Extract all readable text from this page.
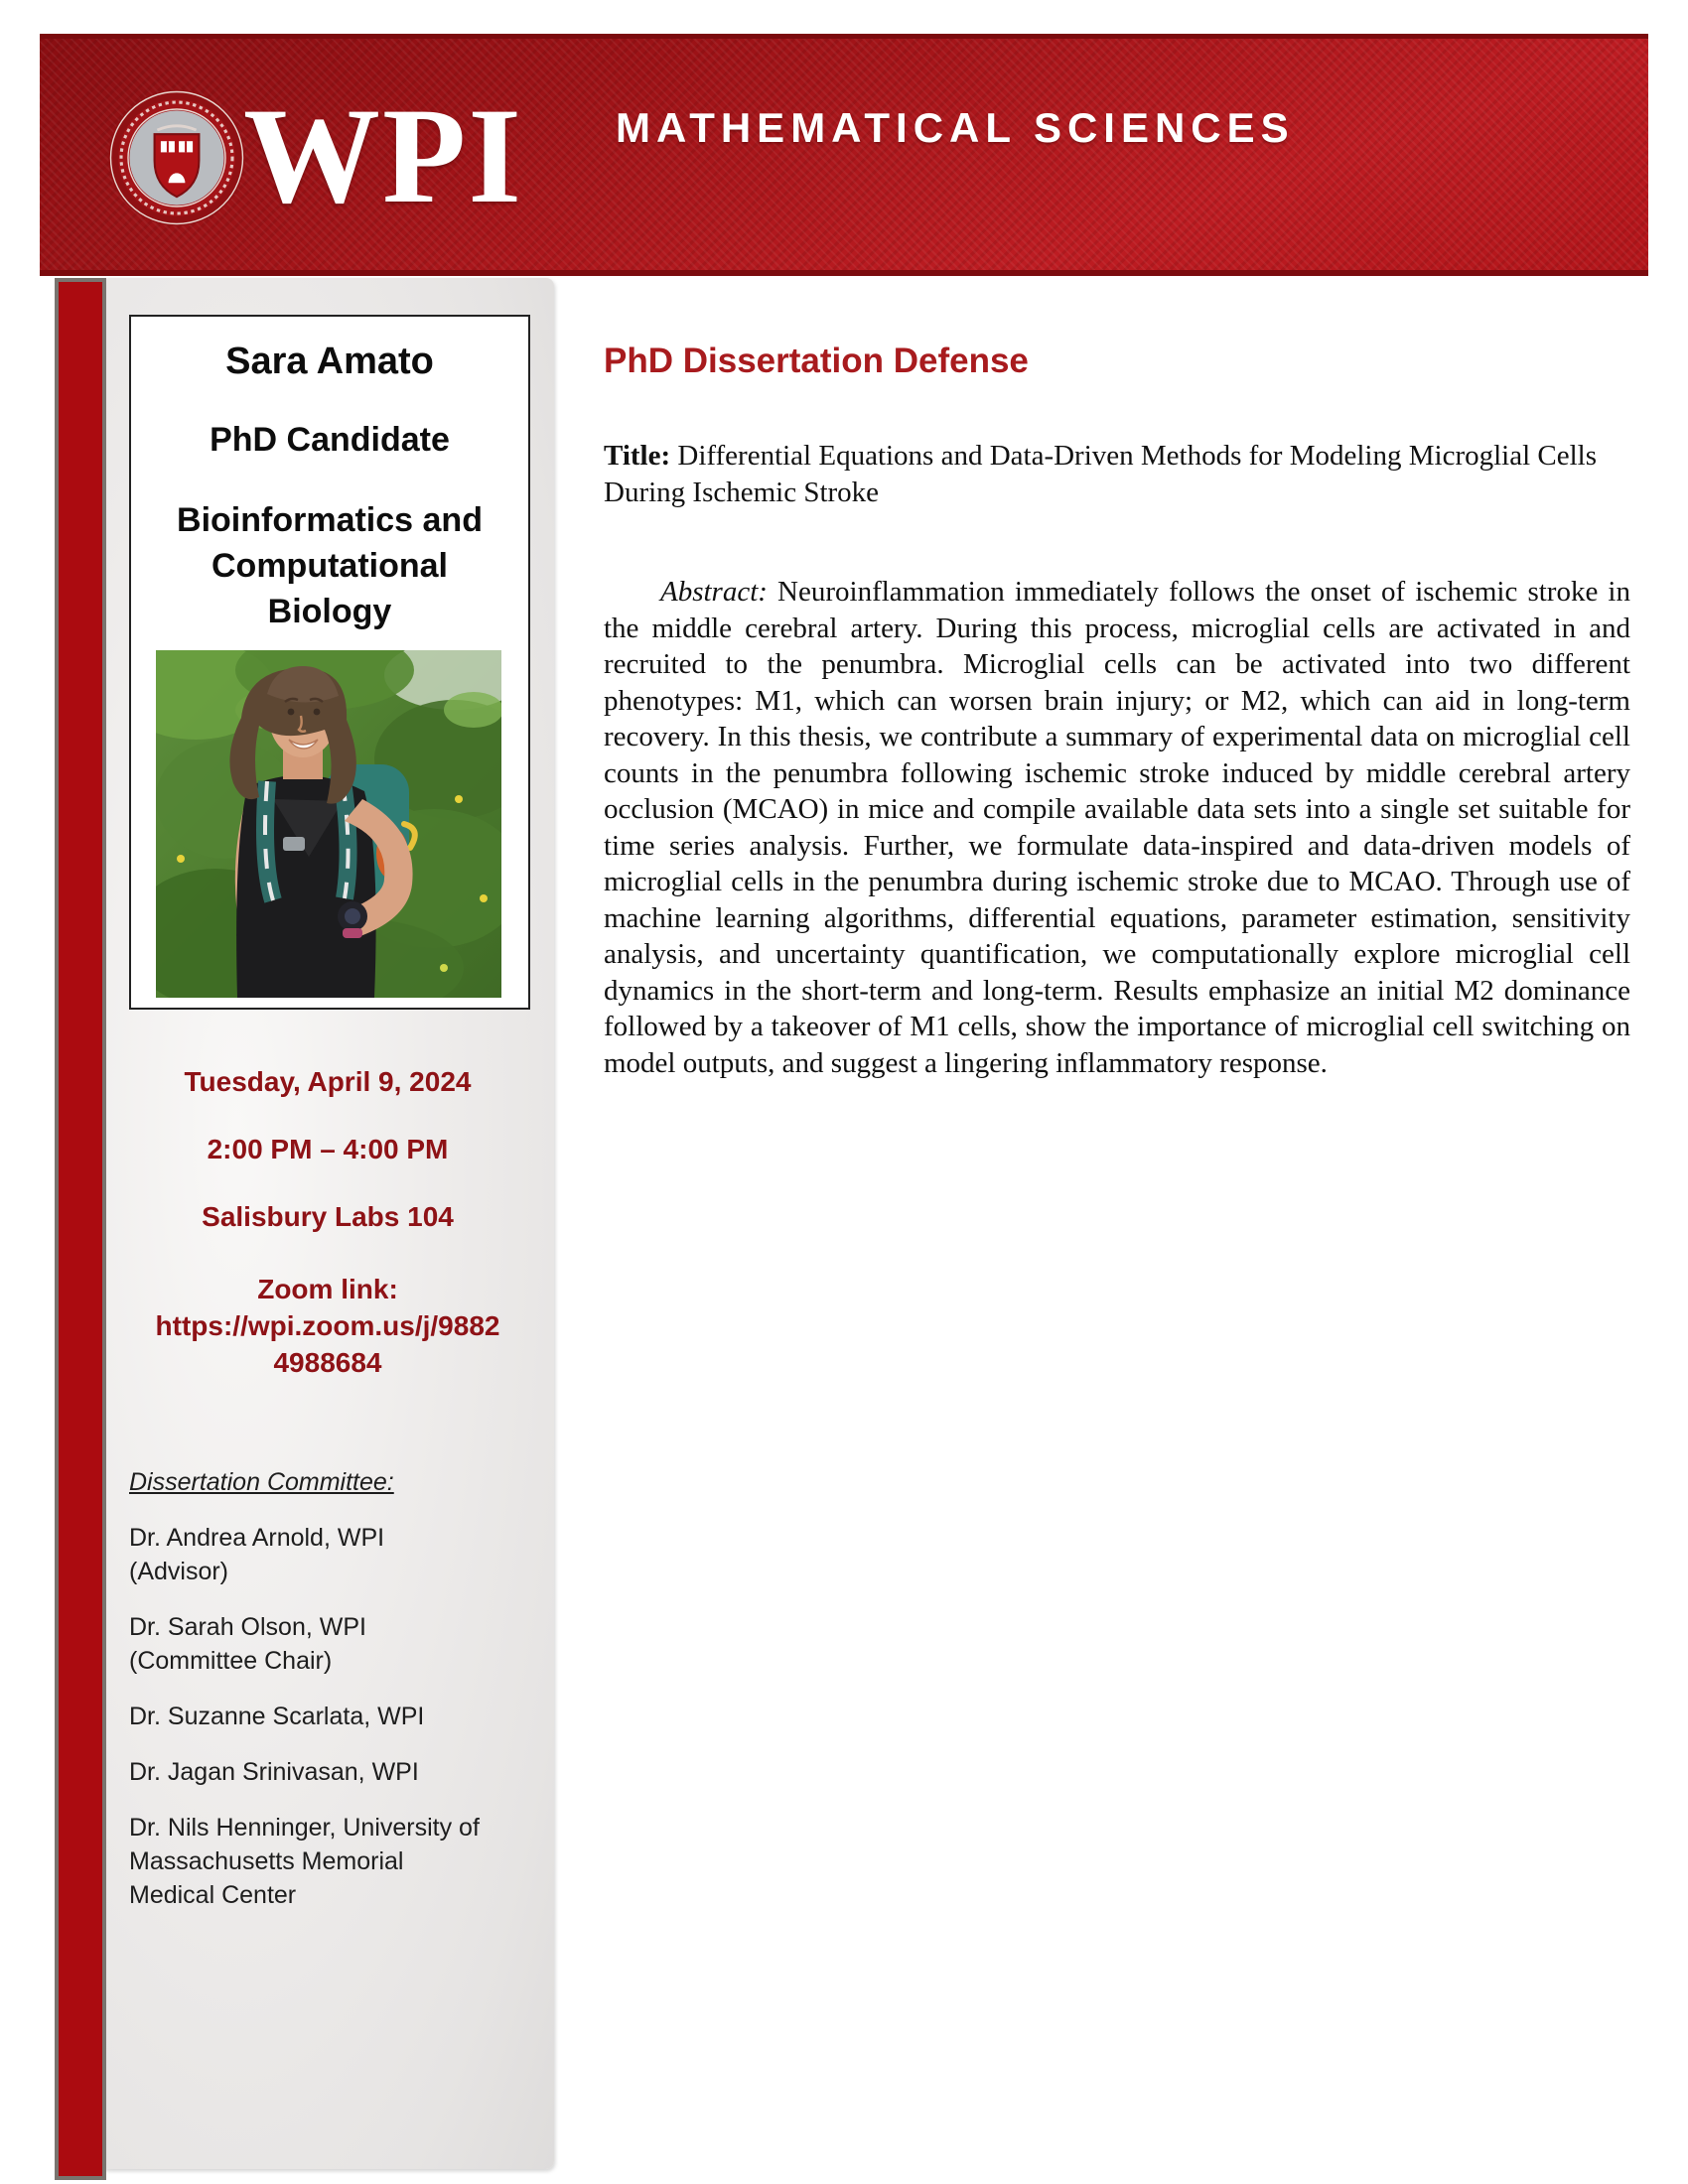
WPI MATHEMATICAL SCIENCES
Sara Amato
PhD Candidate
Bioinformatics and
Computational
Biology
Tuesday, April 9, 2024
2:00 PM – 4:00 PM
Salisbury Labs 104
Zoom link:
https://wpi.zoom.us/j/9882
4988684
Dissertation Committee:
Dr. Andrea Arnold, WPI
(Advisor)
Dr. Sarah Olson, WPI
(Committee Chair)
Dr. Suzanne Scarlata, WPI
Dr. Jagan Srinivasan, WPI
Dr. Nils Henninger, University of
Massachusetts Memorial
Medical Center
PhD Dissertation Defense

Title: Differential Equations and Data-Driven Methods for Modeling Microglial Cells During Ischemic Stroke

Abstract: Neuroinflammation immediately follows the onset of ischemic stroke in the middle cerebral artery. During this process, microglial cells are activated in and recruited to the penumbra. Microglial cells can be activated into two different phenotypes: M1, which can worsen brain injury; or M2, which can aid in long-term recovery. In this thesis, we contribute a summary of experimental data on microglial cell counts in the penumbra following ischemic stroke induced by middle cerebral artery occlusion (MCAO) in mice and compile available data sets into a single set suitable for time series analysis. Further, we formulate data-inspired and data-driven models of microglial cells in the penumbra during ischemic stroke due to MCAO. Through use of machine learning algorithms, differential equations, parameter estimation, sensitivity analysis, and uncertainty quantification, we computationally explore microglial cell dynamics in the short-term and long-term. Results emphasize an initial M2 dominance followed by a takeover of M1 cells, show the importance of microglial cell switching on model outputs, and suggest a lingering inflammatory response.
